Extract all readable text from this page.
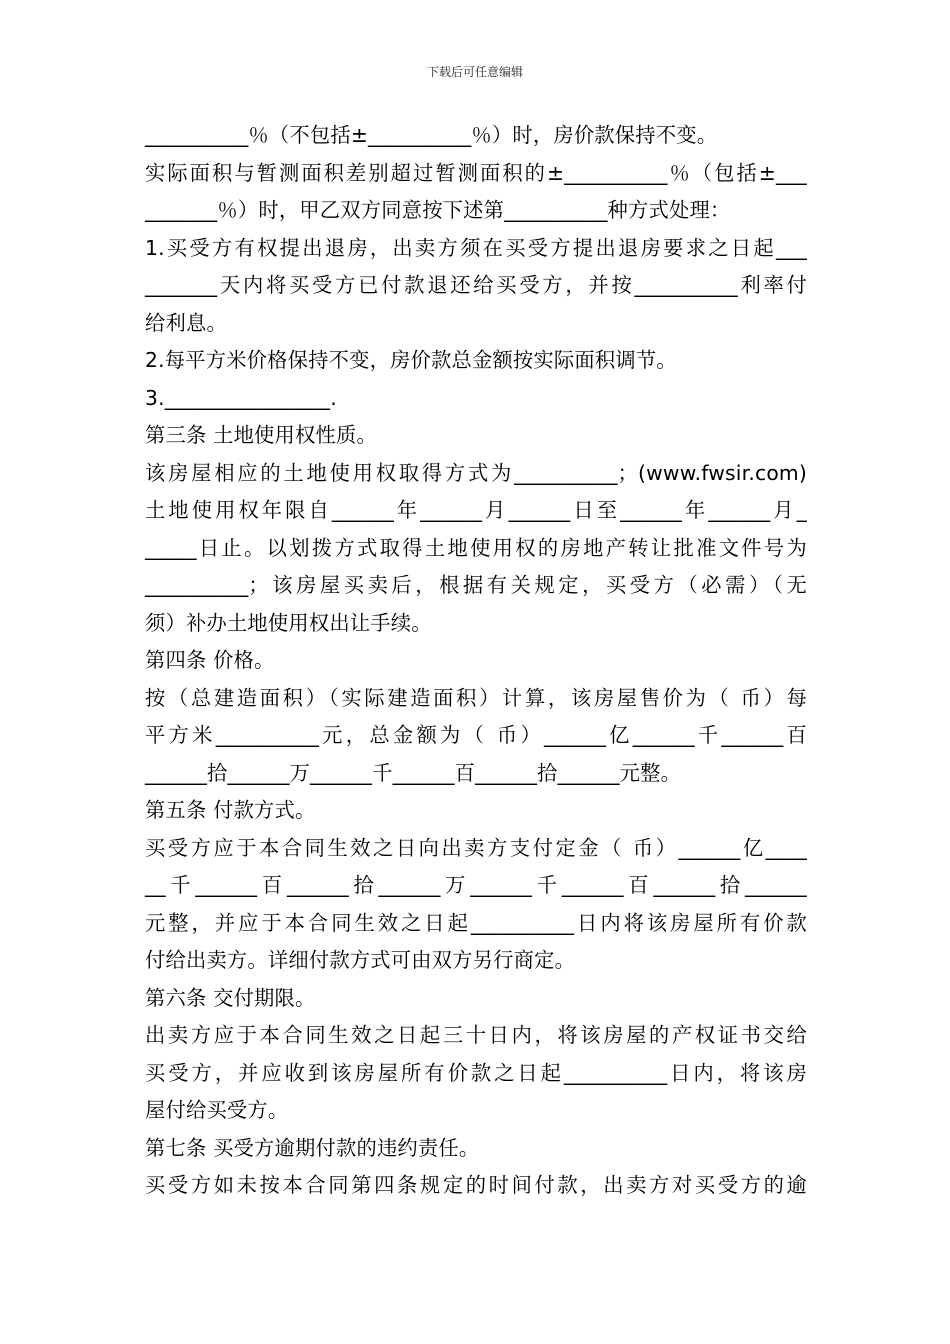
下载后可任意编辑
__________％（不包括±__________％）时，房价款保持不变。
实际面积与暂测面积差别超过暂测面积的±__________％（包括±___
_______％）时，甲乙双方同意按下述第__________种方式处理：
1.买受方有权提出退房，出卖方须在买受方提出退房要求之日起___
_______天内将买受方已付款退还给买受方，并按__________利率付
给利息。
2.每平方米价格保持不变，房价款总金额按实际面积调节。
3.________________.
第三条 土地使用权性质。
该房屋相应的土地使用权取得方式为__________；(www.fwsir.com)
土地使用权年限自______年______月______日至______年______月_
_____日止。以划拨方式取得土地使用权的房地产转让批准文件号为
__________；该房屋买卖后，根据有关规定，买受方（必需）（无
须）补办土地使用权出让手续。
第四条 价格。
按（总建造面积）（实际建造面积）计算，该房屋售价为（ 币）每
平方米__________元，总金额为（ 币）______亿______千______百
______拾______万______千______百______拾______元整。
第五条 付款方式。
买受方应于本合同生效之日向出卖方支付定金（ 币）______亿____
__千______百______拾______万______千______百______拾______
元整，并应于本合同生效之日起__________日内将该房屋所有价款
付给出卖方。详细付款方式可由双方另行商定。
第六条 交付期限。
出卖方应于本合同生效之日起三十日内，将该房屋的产权证书交给
买受方，并应收到该房屋所有价款之日起__________日内，将该房
屋付给买受方。
第七条 买受方逾期付款的违约责任。
买受方如未按本合同第四条规定的时间付款，出卖方对买受方的逾
